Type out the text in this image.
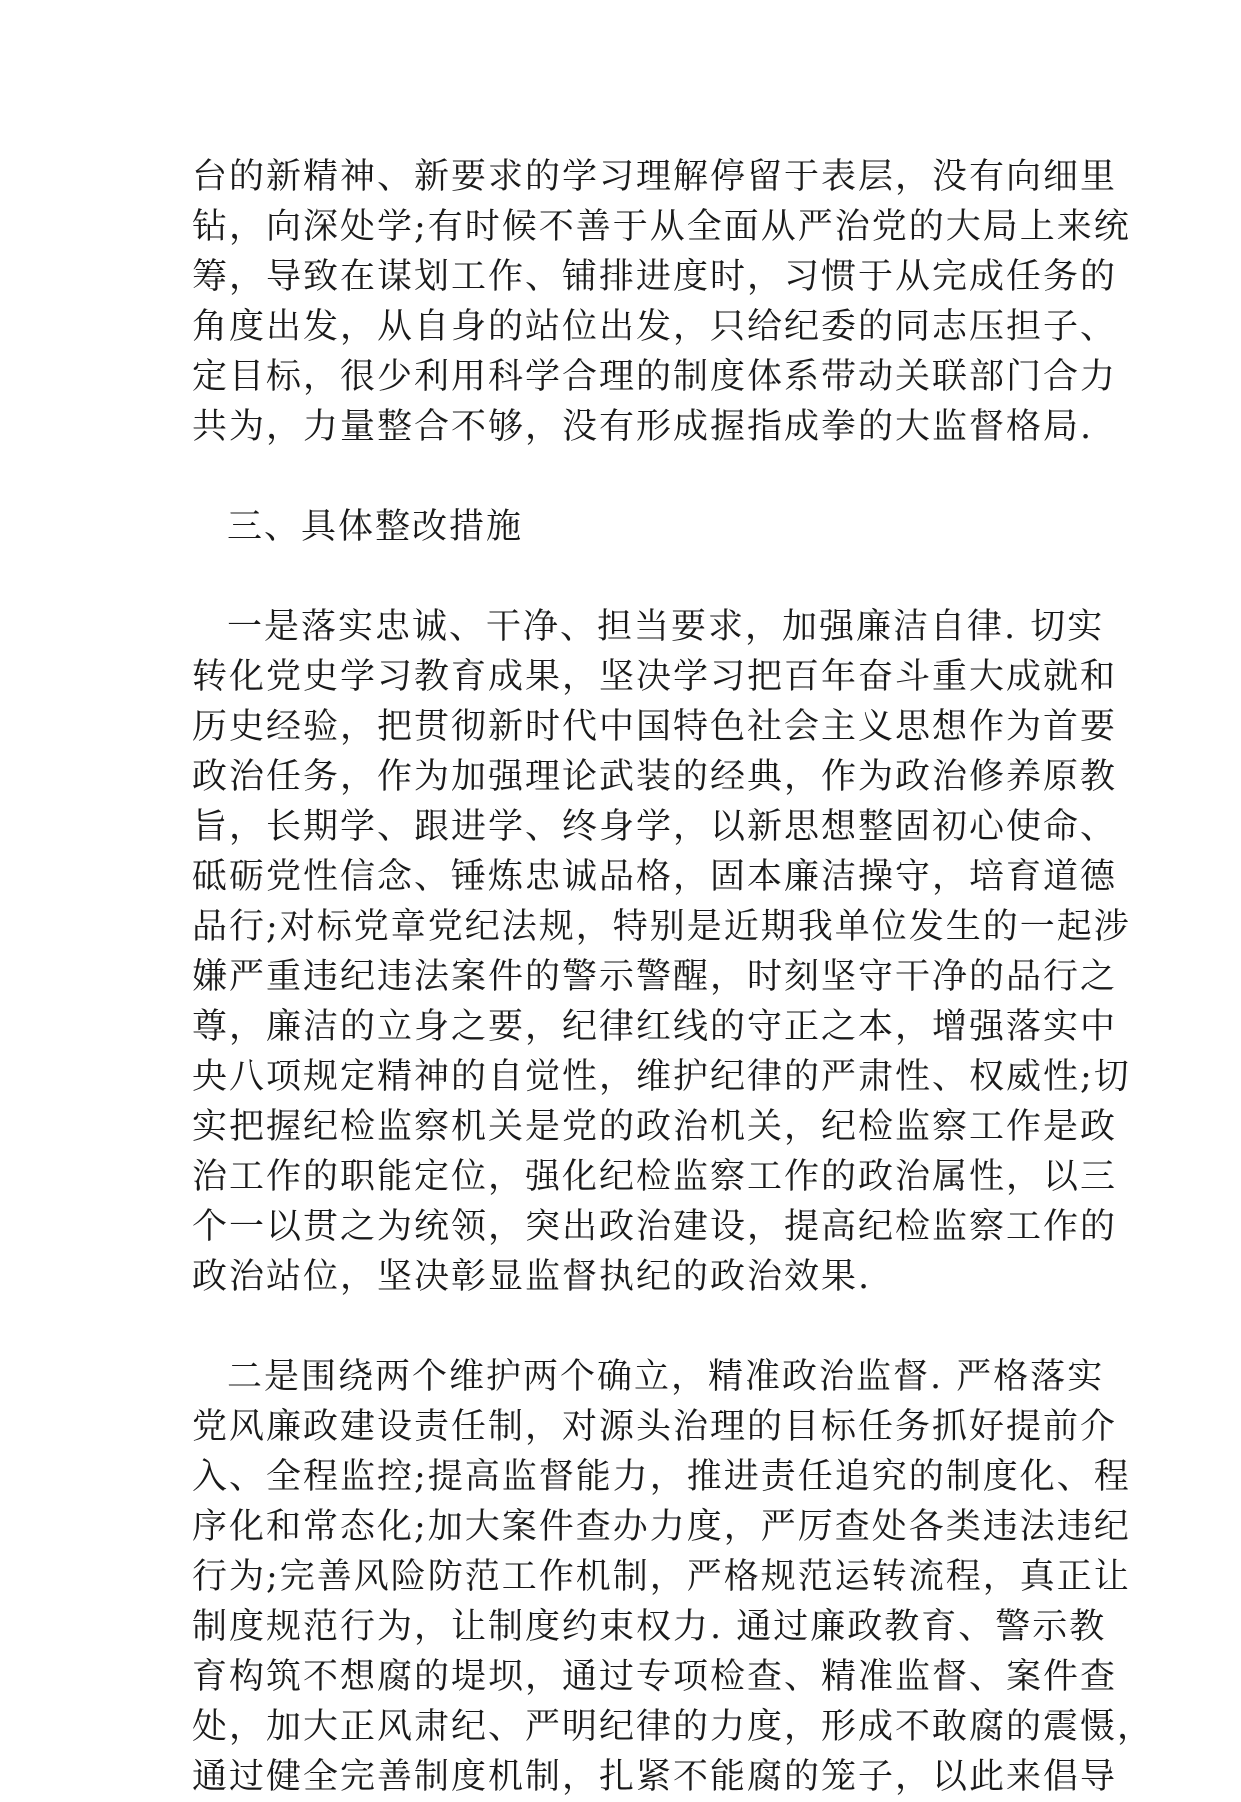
台的新精神、新要求的学习理解停留于表层，没有向细里
钻，向深处学;有时候不善于从全面从严治党的大局上来统
筹，导致在谋划工作、铺排进度时，习惯于从完成任务的
角度出发，从自身的站位出发，只给纪委的同志压担子、
定目标，很少利用科学合理的制度体系带动关联部门合力
共为，力量整合不够，没有形成握指成拳的大监督格局.
三、具体整改措施
一是落实忠诚、干净、担当要求，加强廉洁自律. 切实
转化党史学习教育成果，坚决学习把百年奋斗重大成就和
历史经验，把贯彻新时代中国特色社会主义思想作为首要
政治任务，作为加强理论武装的经典，作为政治修养原教
旨，长期学、跟进学、终身学，以新思想整固初心使命、
砥砺党性信念、锤炼忠诚品格，固本廉洁操守，培育道德
品行;对标党章党纪法规，特别是近期我单位发生的一起涉
嫌严重违纪违法案件的警示警醒，时刻坚守干净的品行之
尊，廉洁的立身之要，纪律红线的守正之本，增强落实中
央八项规定精神的自觉性，维护纪律的严肃性、权威性;切
实把握纪检监察机关是党的政治机关，纪检监察工作是政
治工作的职能定位，强化纪检监察工作的政治属性，以三
个一以贯之为统领，突出政治建设，提高纪检监察工作的
政治站位，坚决彰显监督执纪的政治效果.
二是围绕两个维护两个确立，精准政治监督. 严格落实
党风廉政建设责任制，对源头治理的目标任务抓好提前介
入、全程监控;提高监督能力，推进责任追究的制度化、程
序化和常态化;加大案件查办力度，严厉查处各类违法违纪
行为;完善风险防范工作机制，严格规范运转流程，真正让
制度规范行为，让制度约束权力. 通过廉政教育、警示教
育构筑不想腐的堤坝，通过专项检查、精准监督、案件查
处，加大正风肃纪、严明纪律的力度，形成不敢腐的震慑，
通过健全完善制度机制，扎紧不能腐的笼子，以此来倡导
